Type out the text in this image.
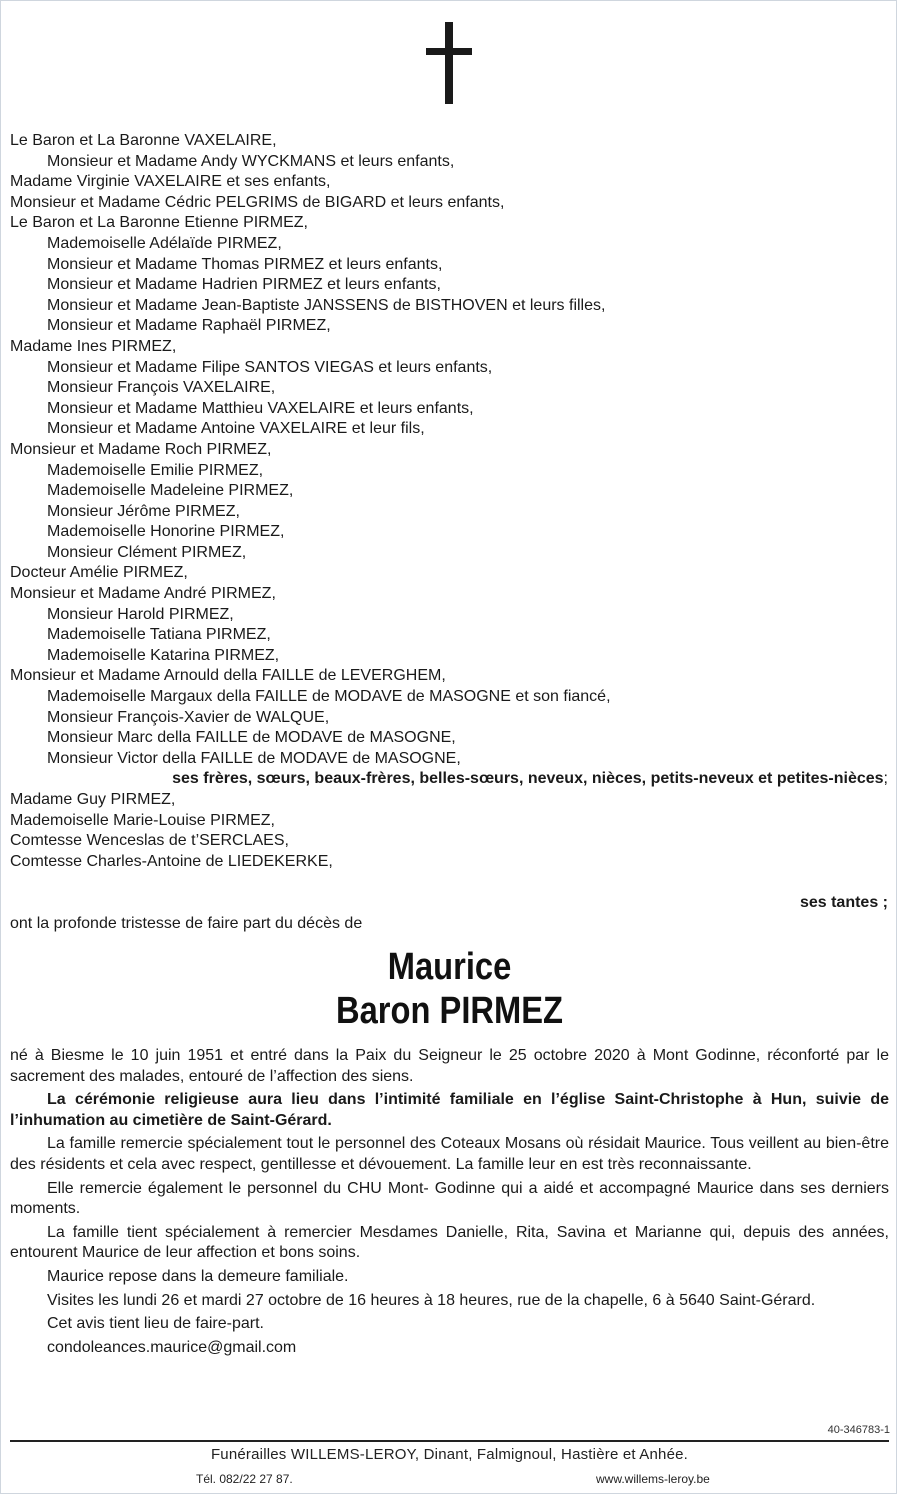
Le Baron et La Baronne VAXELAIRE,
Monsieur et Madame Andy WYCKMANS et leurs enfants,
Madame Virginie VAXELAIRE et ses enfants,
Monsieur et Madame Cédric PELGRIMS de BIGARD et leurs enfants,
Le Baron et La Baronne Etienne PIRMEZ,
Mademoiselle Adélaïde PIRMEZ,
Monsieur et Madame Thomas PIRMEZ et leurs enfants,
Monsieur et Madame Hadrien PIRMEZ et leurs enfants,
Monsieur et Madame Jean-Baptiste JANSSENS de BISTHOVEN et leurs filles,
Monsieur et Madame Raphaël PIRMEZ,
Madame Ines PIRMEZ,
Monsieur et Madame Filipe SANTOS VIEGAS et leurs enfants,
Monsieur François VAXELAIRE,
Monsieur et Madame Matthieu VAXELAIRE et leurs enfants,
Monsieur et Madame Antoine VAXELAIRE et leur fils,
Monsieur et Madame Roch PIRMEZ,
Mademoiselle Emilie PIRMEZ,
Mademoiselle Madeleine PIRMEZ,
Monsieur Jérôme PIRMEZ,
Mademoiselle Honorine PIRMEZ,
Monsieur Clément PIRMEZ,
Docteur Amélie PIRMEZ,
Monsieur et Madame André PIRMEZ,
Monsieur Harold PIRMEZ,
Mademoiselle Tatiana PIRMEZ,
Mademoiselle Katarina PIRMEZ,
Monsieur et Madame Arnould della FAILLE de LEVERGHEM,
Mademoiselle Margaux della FAILLE de MODAVE de MASOGNE et son fiancé,
Monsieur François-Xavier de WALQUE,
Monsieur Marc della FAILLE de MODAVE de MASOGNE,
Monsieur Victor della FAILLE de MODAVE de MASOGNE,
ses frères, sœurs, beaux-frères, belles-sœurs, neveux, nièces, petits-neveux et petites-nièces;
Madame Guy PIRMEZ,
Mademoiselle Marie-Louise PIRMEZ,
Comtesse Wenceslas de t’SERCLAES,
Comtesse Charles-Antoine de LIEDEKERKE,
ses tantes ;
ont la profonde tristesse de faire part du décès de
Maurice
Baron PIRMEZ

né à Biesme le 10 juin 1951 et entré dans la Paix du Seigneur le 25 octobre 2020 à Mont Godinne, réconforté par le sacrement des malades, entouré de l’affection des siens.

La cérémonie religieuse aura lieu dans l’intimité familiale en l’église Saint-Christophe à Hun, suivie de l’inhumation au cimetière de Saint-Gérard.

La famille remercie spécialement tout le personnel des Coteaux Mosans où résidait Maurice. Tous veillent au bien-être des résidents et cela avec respect, gentillesse et dévouement. La famille leur en est très reconnaissante.

Elle remercie également le personnel du CHU Mont- Godinne qui a aidé et accompagné Maurice dans ses derniers moments.

La famille tient spécialement à remercier Mesdames Danielle, Rita, Savina et Marianne qui, depuis des années, entourent Maurice de leur affection et bons soins.

Maurice repose dans la demeure familiale.

Visites les lundi 26 et mardi 27 octobre de 16 heures à 18 heures, rue de la chapelle, 6 à 5640 Saint-Gérard.

Cet avis tient lieu de faire-part.

condoleances.maurice@gmail.com

40-346783-1
Funérailles WILLEMS-LEROY, Dinant, Falmignoul, Hastière et Anhée.
Tél. 082/22 27 87.	www.willems-leroy.be
